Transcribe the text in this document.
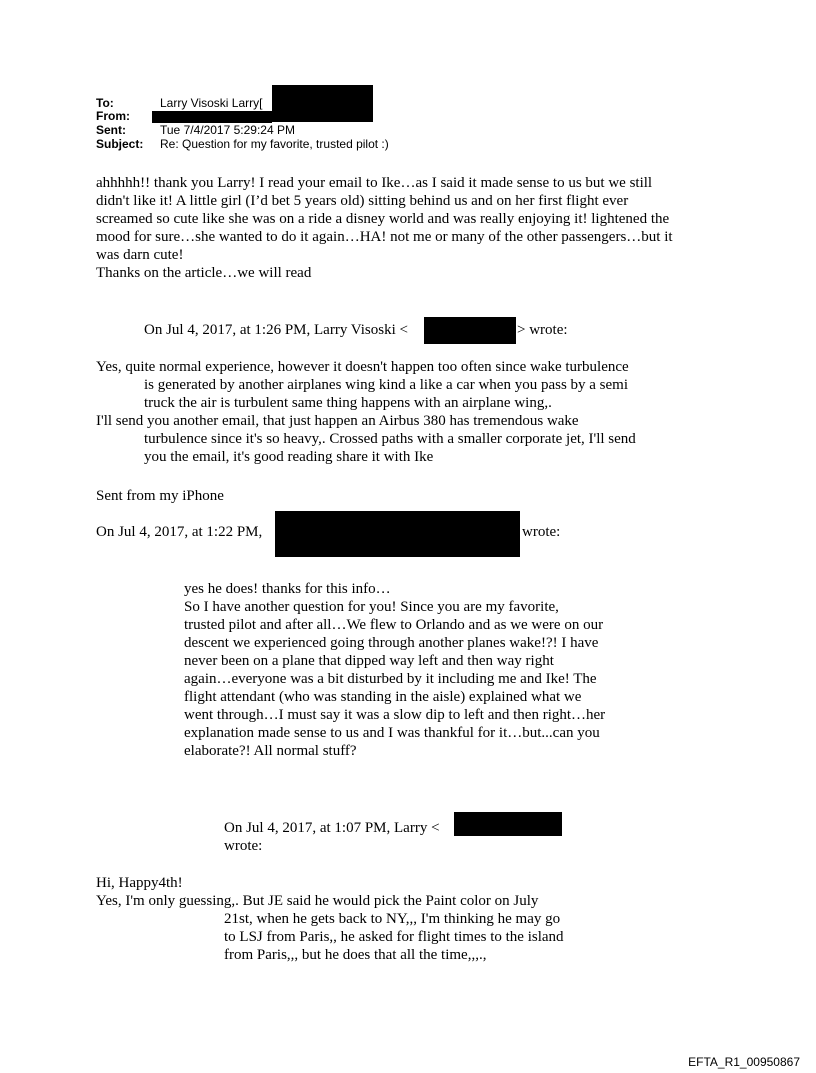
To:	Larry Visoski Larry[
From:
Sent:	Tue 7/4/2017 5:29:24 PM
Subject: Re: Question for my favorite, trusted pilot :)

ahhhhh!! thank you Larry! I read your email to Ike…as I said it made sense to us but we still

didn't like it! A little girl (I’d bet 5 years old) sitting behind us and on her first flight ever

screamed so cute like she was on a ride a disney world and was really enjoying it! lightened the

mood for sure…she wanted to do it again…HA! not me or many of the other passengers…but it

was darn cute!

Thanks on the article…we will read

On Jul 4, 2017, at 1:26 PM, Larry Visoski <	> wrote:

Yes, quite normal experience, however it doesn't happen too often since wake turbulence

is generated by another airplanes wing kind a like a car when you pass by a semi

truck the air is turbulent same thing happens with an airplane wing,.

I'll send you another email, that just happen an Airbus 380 has tremendous wake

turbulence since it's so heavy,. Crossed paths with a smaller corporate jet, I'll send

you the email, it's good reading share it with Ike

Sent from my iPhone
On Jul 4, 2017, at 1:22 PM,	wrote:

yes he does! thanks for this info…

So I have another question for you! Since you are my favorite,

trusted pilot and after all…We flew to Orlando and as we were on our

descent we experienced going through another planes wake!?! I have

never been on a plane that dipped way left and then way right

again…everyone was a bit disturbed by it including me and Ike! The

flight attendant (who was standing in the aisle) explained what we

went through…I must say it was a slow dip to left and then right…her

explanation made sense to us and I was thankful for it…but...can you

elaborate?! All normal stuff?

On Jul 4, 2017, at 1:07 PM, Larry <
wrote:

Hi, Happy4th!

Yes, I'm only guessing,. But JE said he would pick the Paint color on July

21st, when he gets back to NY,,, I'm thinking he may go

to LSJ from Paris,, he asked for flight times to the island

from Paris,,, but he does that all the time,,,.,

EFTA_R1_00950867
